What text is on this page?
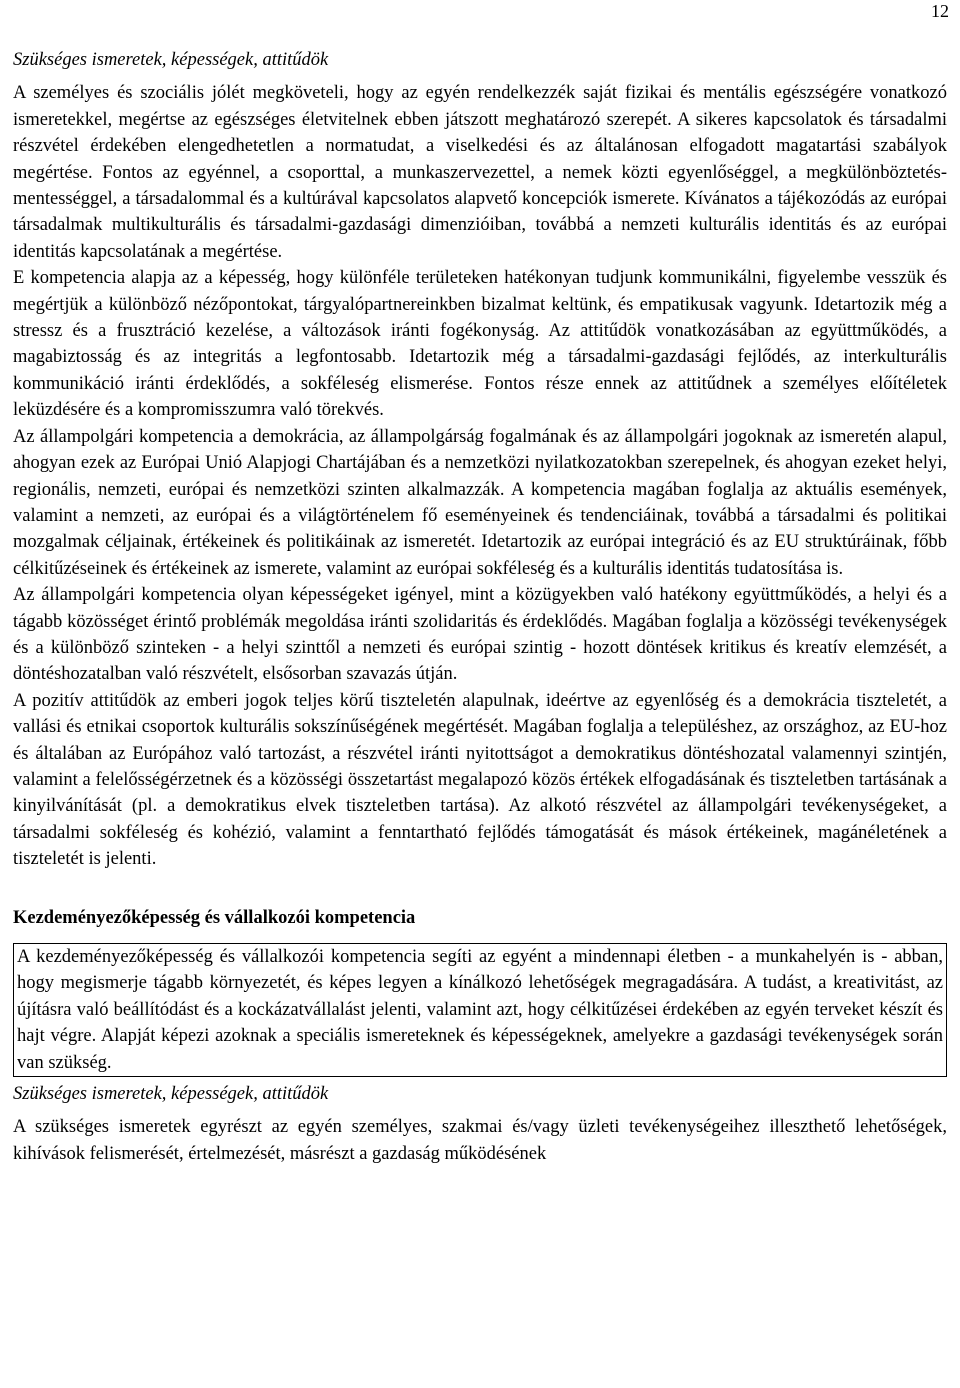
12

Szükséges ismeretek, képességek, attitűdök

A személyes és szociális jólét megköveteli, hogy az egyén rendelkezzék saját fizikai és mentális egészségére vonatkozó ismeretekkel, megértse az egészséges életvitelnek ebben játszott meghatározó szerepét. A sikeres kapcsolatok és társadalmi részvétel érdekében elengedhetetlen a normatudat, a viselkedési és az általánosan elfogadott magatartási szabályok megértése. Fontos az egyénnel, a csoporttal, a munkaszervezettel, a nemek közti egyenlőséggel, a megkülönböztetés-mentességgel, a társadalommal és a kultúrával kapcsolatos alapvető koncepciók ismerete. Kívánatos a tájékozódás az európai társadalmak multikulturális és társadalmi-gazdasági dimenzióiban, továbbá a nemzeti kulturális identitás és az európai identitás kapcsolatának a megértése.

E kompetencia alapja az a képesség, hogy különféle területeken hatékonyan tudjunk kommunikálni, figyelembe vesszük és megértjük a különböző nézőpontokat, tárgyalópartnereinkben bizalmat keltünk, és empatikusak vagyunk. Idetartozik még a stressz és a frusztráció kezelése, a változások iránti fogékonyság. Az attitűdök vonatkozásában az együttműködés, a magabiztosság és az integritás a legfontosabb. Idetartozik még a társadalmi-gazdasági fejlődés, az interkulturális kommunikáció iránti érdeklődés, a sokféleség elismerése. Fontos része ennek az attitűdnek a személyes előítéletek leküzdésére és a kompromisszumra való törekvés.

Az állampolgári kompetencia a demokrácia, az állampolgárság fogalmának és az állampolgári jogoknak az ismeretén alapul, ahogyan ezek az Európai Unió Alapjogi Chartájában és a nemzetközi nyilatkozatokban szerepelnek, és ahogyan ezeket helyi, regionális, nemzeti, európai és nemzetközi szinten alkalmazzák. A kompetencia magában foglalja az aktuális események, valamint a nemzeti, az európai és a világtörténelem fő eseményeinek és tendenciáinak, továbbá a társadalmi és politikai mozgalmak céljainak, értékeinek és politikáinak az ismeretét. Idetartozik az európai integráció és az EU struktúráinak, főbb célkitűzéseinek és értékeinek az ismerete, valamint az európai sokféleség és a kulturális identitás tudatosítása is.

Az állampolgári kompetencia olyan képességeket igényel, mint a közügyekben való hatékony együttműködés, a helyi és a tágabb közösséget érintő problémák megoldása iránti szolidaritás és érdeklődés. Magában foglalja a közösségi tevékenységek és a különböző szinteken - a helyi szinttől a nemzeti és európai szintig - hozott döntések kritikus és kreatív elemzését, a döntéshozatalban való részvételt, elsősorban szavazás útján.

A pozitív attitűdök az emberi jogok teljes körű tiszteletén alapulnak, ideértve az egyenlőség és a demokrácia tiszteletét, a vallási és etnikai csoportok kulturális sokszínűségének megértését. Magában foglalja a településhez, az országhoz, az EU-hoz és általában az Európához való tartozást, a részvétel iránti nyitottságot a demokratikus döntéshozatal valamennyi szintjén, valamint a felelősségérzetnek és a közösségi összetartást megalapozó közös értékek elfogadásának és tiszteletben tartásának a kinyilvánítását (pl. a demokratikus elvek tiszteletben tartása). Az alkotó részvétel az állampolgári tevékenységeket, a társadalmi sokféleség és kohézió, valamint a fenntartható fejlődés támogatását és mások értékeinek, magánéletének a tiszteletét is jelenti.

Kezdeményezőképesség és vállalkozói kompetencia

A kezdeményezőképesség és vállalkozói kompetencia segíti az egyént a mindennapi életben - a munkahelyén is - abban, hogy megismerje tágabb környezetét, és képes legyen a kínálkozó lehetőségek megragadására. A tudást, a kreativitást, az újításra való beállítódást és a kockázatvállalást jelenti, valamint azt, hogy célkitűzései érdekében az egyén terveket készít és hajt végre. Alapját képezi azoknak a speciális ismereteknek és képességeknek, amelyekre a gazdasági tevékenységek során van szükség.

Szükséges ismeretek, képességek, attitűdök

A szükséges ismeretek egyrészt az egyén személyes, szakmai és/vagy üzleti tevékenységeihez illeszthető lehetőségek, kihívások felismerését, értelmezését, másrészt a gazdaság működésének
